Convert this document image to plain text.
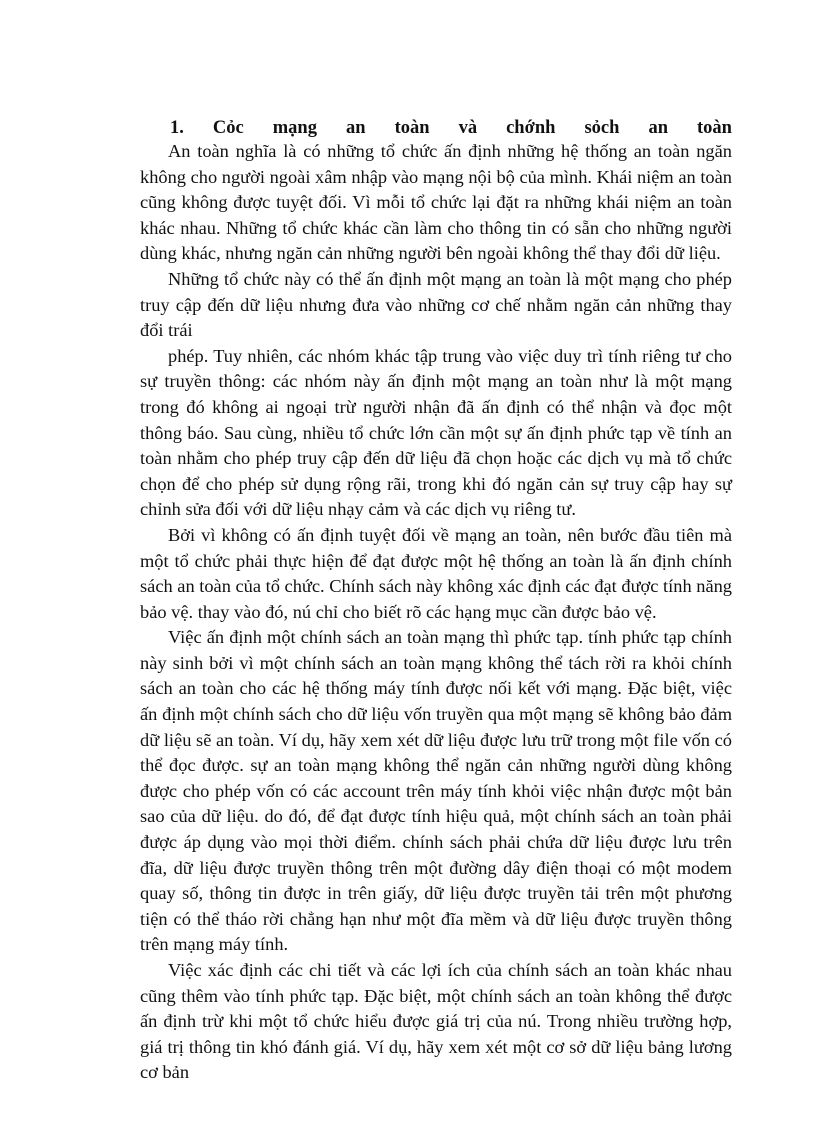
1. Cỏc mạng an toàn và chớnh sỏch an toàn

An toàn nghĩa là có những tổ chức ấn định những hệ thống an toàn ngăn không cho người ngoài xâm nhập vào mạng nội bộ của mình. Khái niệm an toàn cũng không được tuyệt đối. Vì mỗi tổ chức lại đặt ra những khái niệm an toàn khác nhau. Những tổ chức khác cần làm cho thông tin có sẵn cho những người dùng khác, nhưng ngăn cản những người bên ngoài không thể thay đổi dữ liệu.

Những tổ chức này có thể ấn định một mạng an toàn là một mạng cho phép truy cập đến dữ liệu nhưng đưa vào những cơ chế nhằm ngăn cản những thay đổi trái

phép. Tuy nhiên, các nhóm khác tập trung vào việc duy trì tính riêng tư cho sự truyền thông: các nhóm này ấn định một mạng an toàn như là một mạng trong đó không ai ngoại trừ người nhận đã ấn định có thể nhận và đọc một thông báo. Sau cùng, nhiều tổ chức lớn cần một sự ấn định phức tạp về tính an toàn nhằm cho phép truy cập đến dữ liệu đã chọn hoặc các dịch vụ mà tổ chức chọn để cho phép sử dụng rộng rãi, trong khi đó ngăn cản sự truy cập hay sự chỉnh sửa đối với dữ liệu nhạy cảm và các dịch vụ riêng tư.

Bởi vì không có ấn định tuyệt đối về mạng an toàn, nên bước đầu tiên mà một tổ chức phải thực hiện để đạt được một hệ thống an toàn là ấn định chính sách an toàn của tổ chức. Chính sách này không xác định các đạt được tính năng bảo vệ. thay vào đó, nú chỉ cho biết rõ các hạng mục cần được bảo vệ.

Việc ấn định một chính sách an toàn mạng thì phức tạp. tính phức tạp chính này sinh bởi vì một chính sách an toàn mạng không thể tách rời ra khỏi chính sách an toàn cho các hệ thống máy tính được nối kết với mạng. Đặc biệt, việc ấn định một chính sách cho dữ liệu vốn truyền qua một mạng sẽ không bảo đảm dữ liệu sẽ an toàn. Ví dụ, hãy xem xét dữ liệu được lưu trữ trong một file vốn có thể đọc được. sự an toàn mạng không thể ngăn cản những người dùng không được cho phép vốn có các account trên máy tính khỏi việc nhận được một bản sao của dữ liệu. do đó, để đạt được tính hiệu quả, một chính sách an toàn phải được áp dụng vào mọi thời điểm. chính sách phải chứa dữ liệu được lưu trên đĩa, dữ liệu được truyền thông trên một đường dây điện thoại có một modem quay số, thông tin được in trên giấy, dữ liệu được truyền tải trên một phương tiện có thể tháo rời chẳng hạn như một đĩa mềm và dữ liệu được truyền thông trên mạng máy tính.

Việc xác định các chi tiết và các lợi ích của chính sách an toàn khác nhau cũng thêm vào tính phức tạp. Đặc biệt, một chính sách an toàn không thể được ấn định trừ khi một tổ chức hiểu được giá trị của nú. Trong nhiều trường hợp, giá trị thông tin khó đánh giá. Ví dụ, hãy xem xét một cơ sở dữ liệu bảng lương cơ bản
